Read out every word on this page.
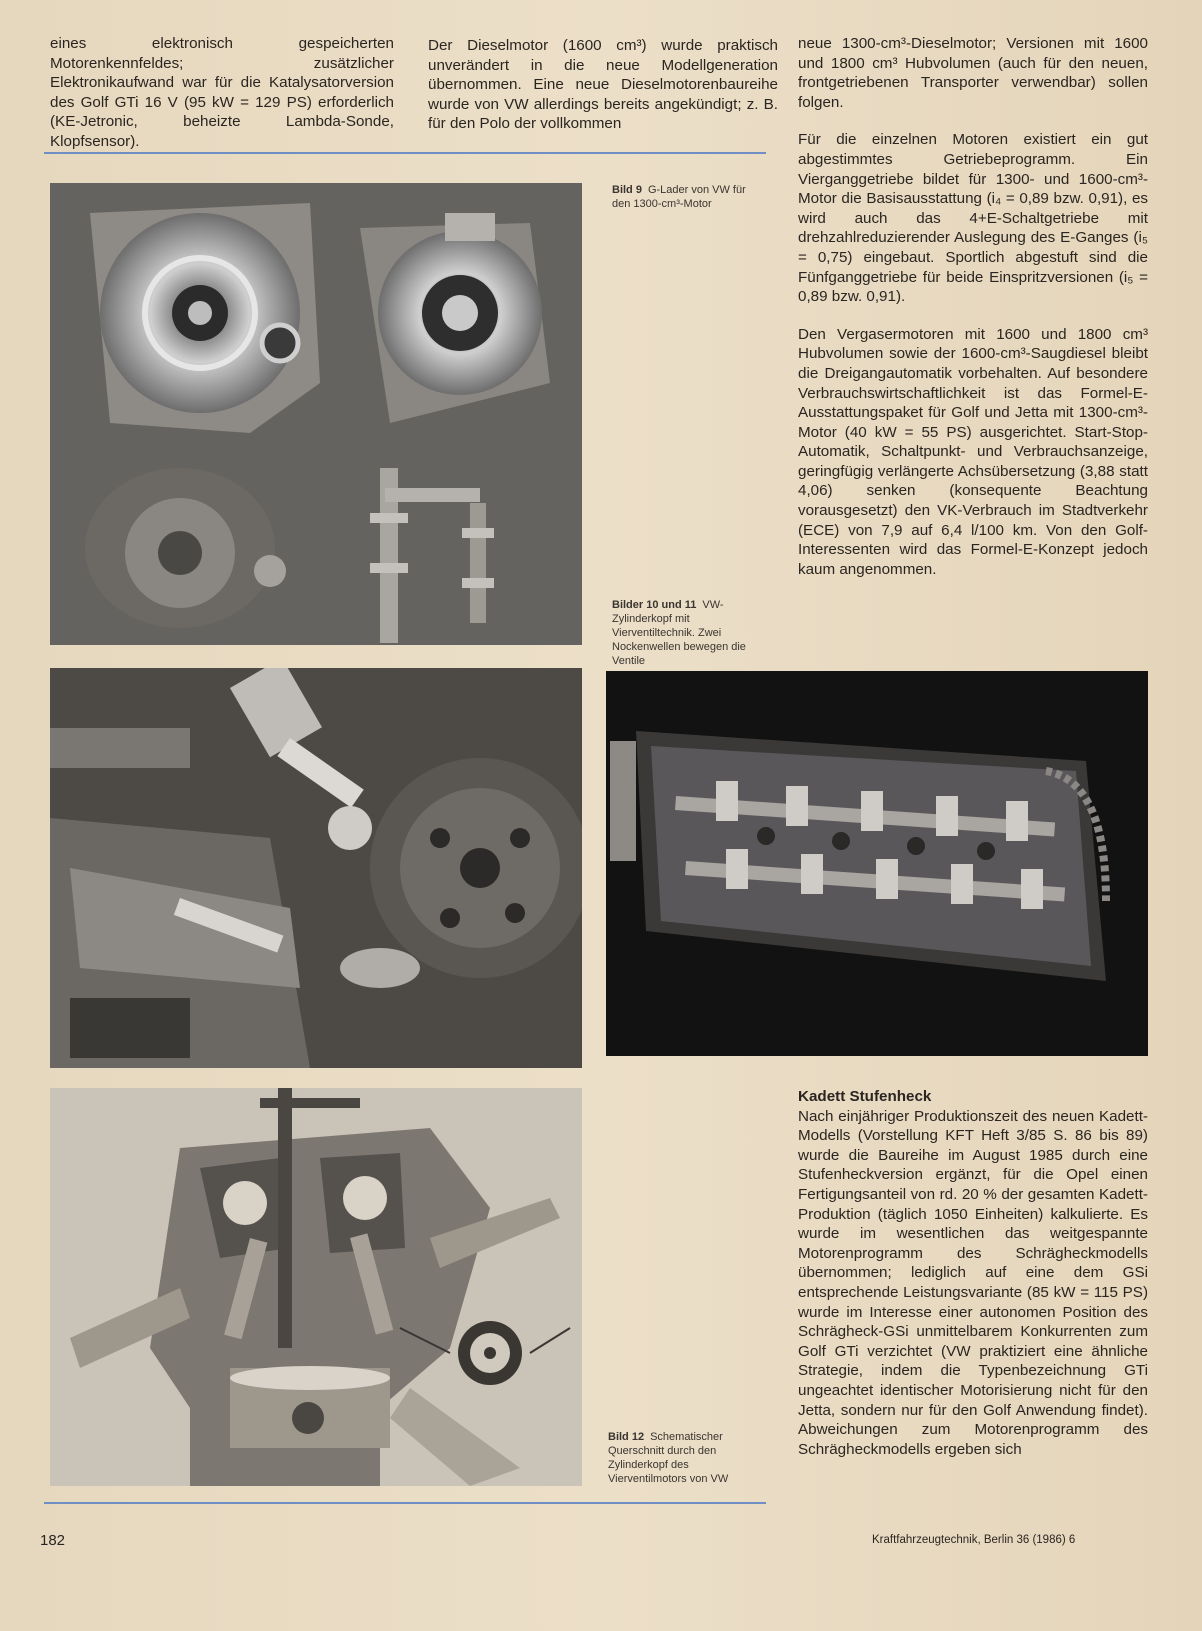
eines elektronisch gespeicherten Motorenkennfeldes; zusätzlicher Elektronikaufwand war für die Katalysatorversion des Golf GTi 16 V (95 kW = 129 PS) erforderlich (KE-Jetronic, beheizte Lambda-Sonde, Klopfsensor).

Der Dieselmotor (1600 cm³) wurde praktisch unverändert in die neue Modellgeneration übernommen. Eine neue Dieselmotorenbaureihe wurde von VW allerdings bereits angekündigt; z. B. für den Polo der vollkommen

neue 1300-cm³-Dieselmotor; Versionen mit 1600 und 1800 cm³ Hubvolumen (auch für den neuen, frontgetriebenen Transporter verwendbar) sollen folgen.

Für die einzelnen Motoren existiert ein gut abgestimmtes Getriebeprogramm. Ein Vierganggetriebe bildet für 1300- und 1600-cm³-Motor die Basisausstattung (i₄ = 0,89 bzw. 0,91), es wird auch das 4+E-Schaltgetriebe mit drehzahlreduzierender Auslegung des E-Ganges (i₅ = 0,75) eingebaut. Sportlich abgestuft sind die Fünfganggetriebe für beide Einspritzversionen (i₅ = 0,89 bzw. 0,91).

Den Vergasermotoren mit 1600 und 1800 cm³ Hubvolumen sowie der 1600-cm³-Saugdiesel bleibt die Dreigangautomatik vorbehalten. Auf besondere Verbrauchswirtschaftlichkeit ist das Formel-E-Ausstattungspaket für Golf und Jetta mit 1300-cm³-Motor (40 kW = 55 PS) ausgerichtet. Start-Stop-Automatik, Schaltpunkt- und Verbrauchsanzeige, geringfügig verlängerte Achsübersetzung (3,88 statt 4,06) senken (konsequente Beachtung vorausgesetzt) den VK-Verbrauch im Stadtverkehr (ECE) von 7,9 auf 6,4 l/100 km. Von den Golf-Interessenten wird das Formel-E-Konzept jedoch kaum angenommen.

Bild 9 G-Lader von VW für den 1300-cm³-Motor
Bilder 10 und 11 VW-Zylinderkopf mit Vierventiltechnik. Zwei Nockenwellen bewegen die Ventile
Bild 12 Schematischer Querschnitt durch den Zylinderkopf des Vierventilmotors von VW

Kadett Stufenheck

Nach einjähriger Produktionszeit des neuen Kadett-Modells (Vorstellung KFT Heft 3/85 S. 86 bis 89) wurde die Baureihe im August 1985 durch eine Stufenheckversion ergänzt, für die Opel einen Fertigungsanteil von rd. 20 % der gesamten Kadett-Produktion (täglich 1050 Einheiten) kalkulierte. Es wurde im wesentlichen das weitgespannte Motorenprogramm des Schrägheckmodells übernommen; lediglich auf eine dem GSi entsprechende Leistungsvariante (85 kW = 115 PS) wurde im Interesse einer autonomen Position des Schrägheck-GSi unmittelbarem Konkurrenten zum Golf GTi verzichtet (VW praktiziert eine ähnliche Strategie, indem die Typenbezeichnung GTi ungeachtet identischer Motorisierung nicht für den Jetta, sondern nur für den Golf Anwendung findet). Abweichungen zum Motorenprogramm des Schrägheckmodells ergeben sich

182	Kraftfahrzeugtechnik, Berlin 36 (1986) 6
